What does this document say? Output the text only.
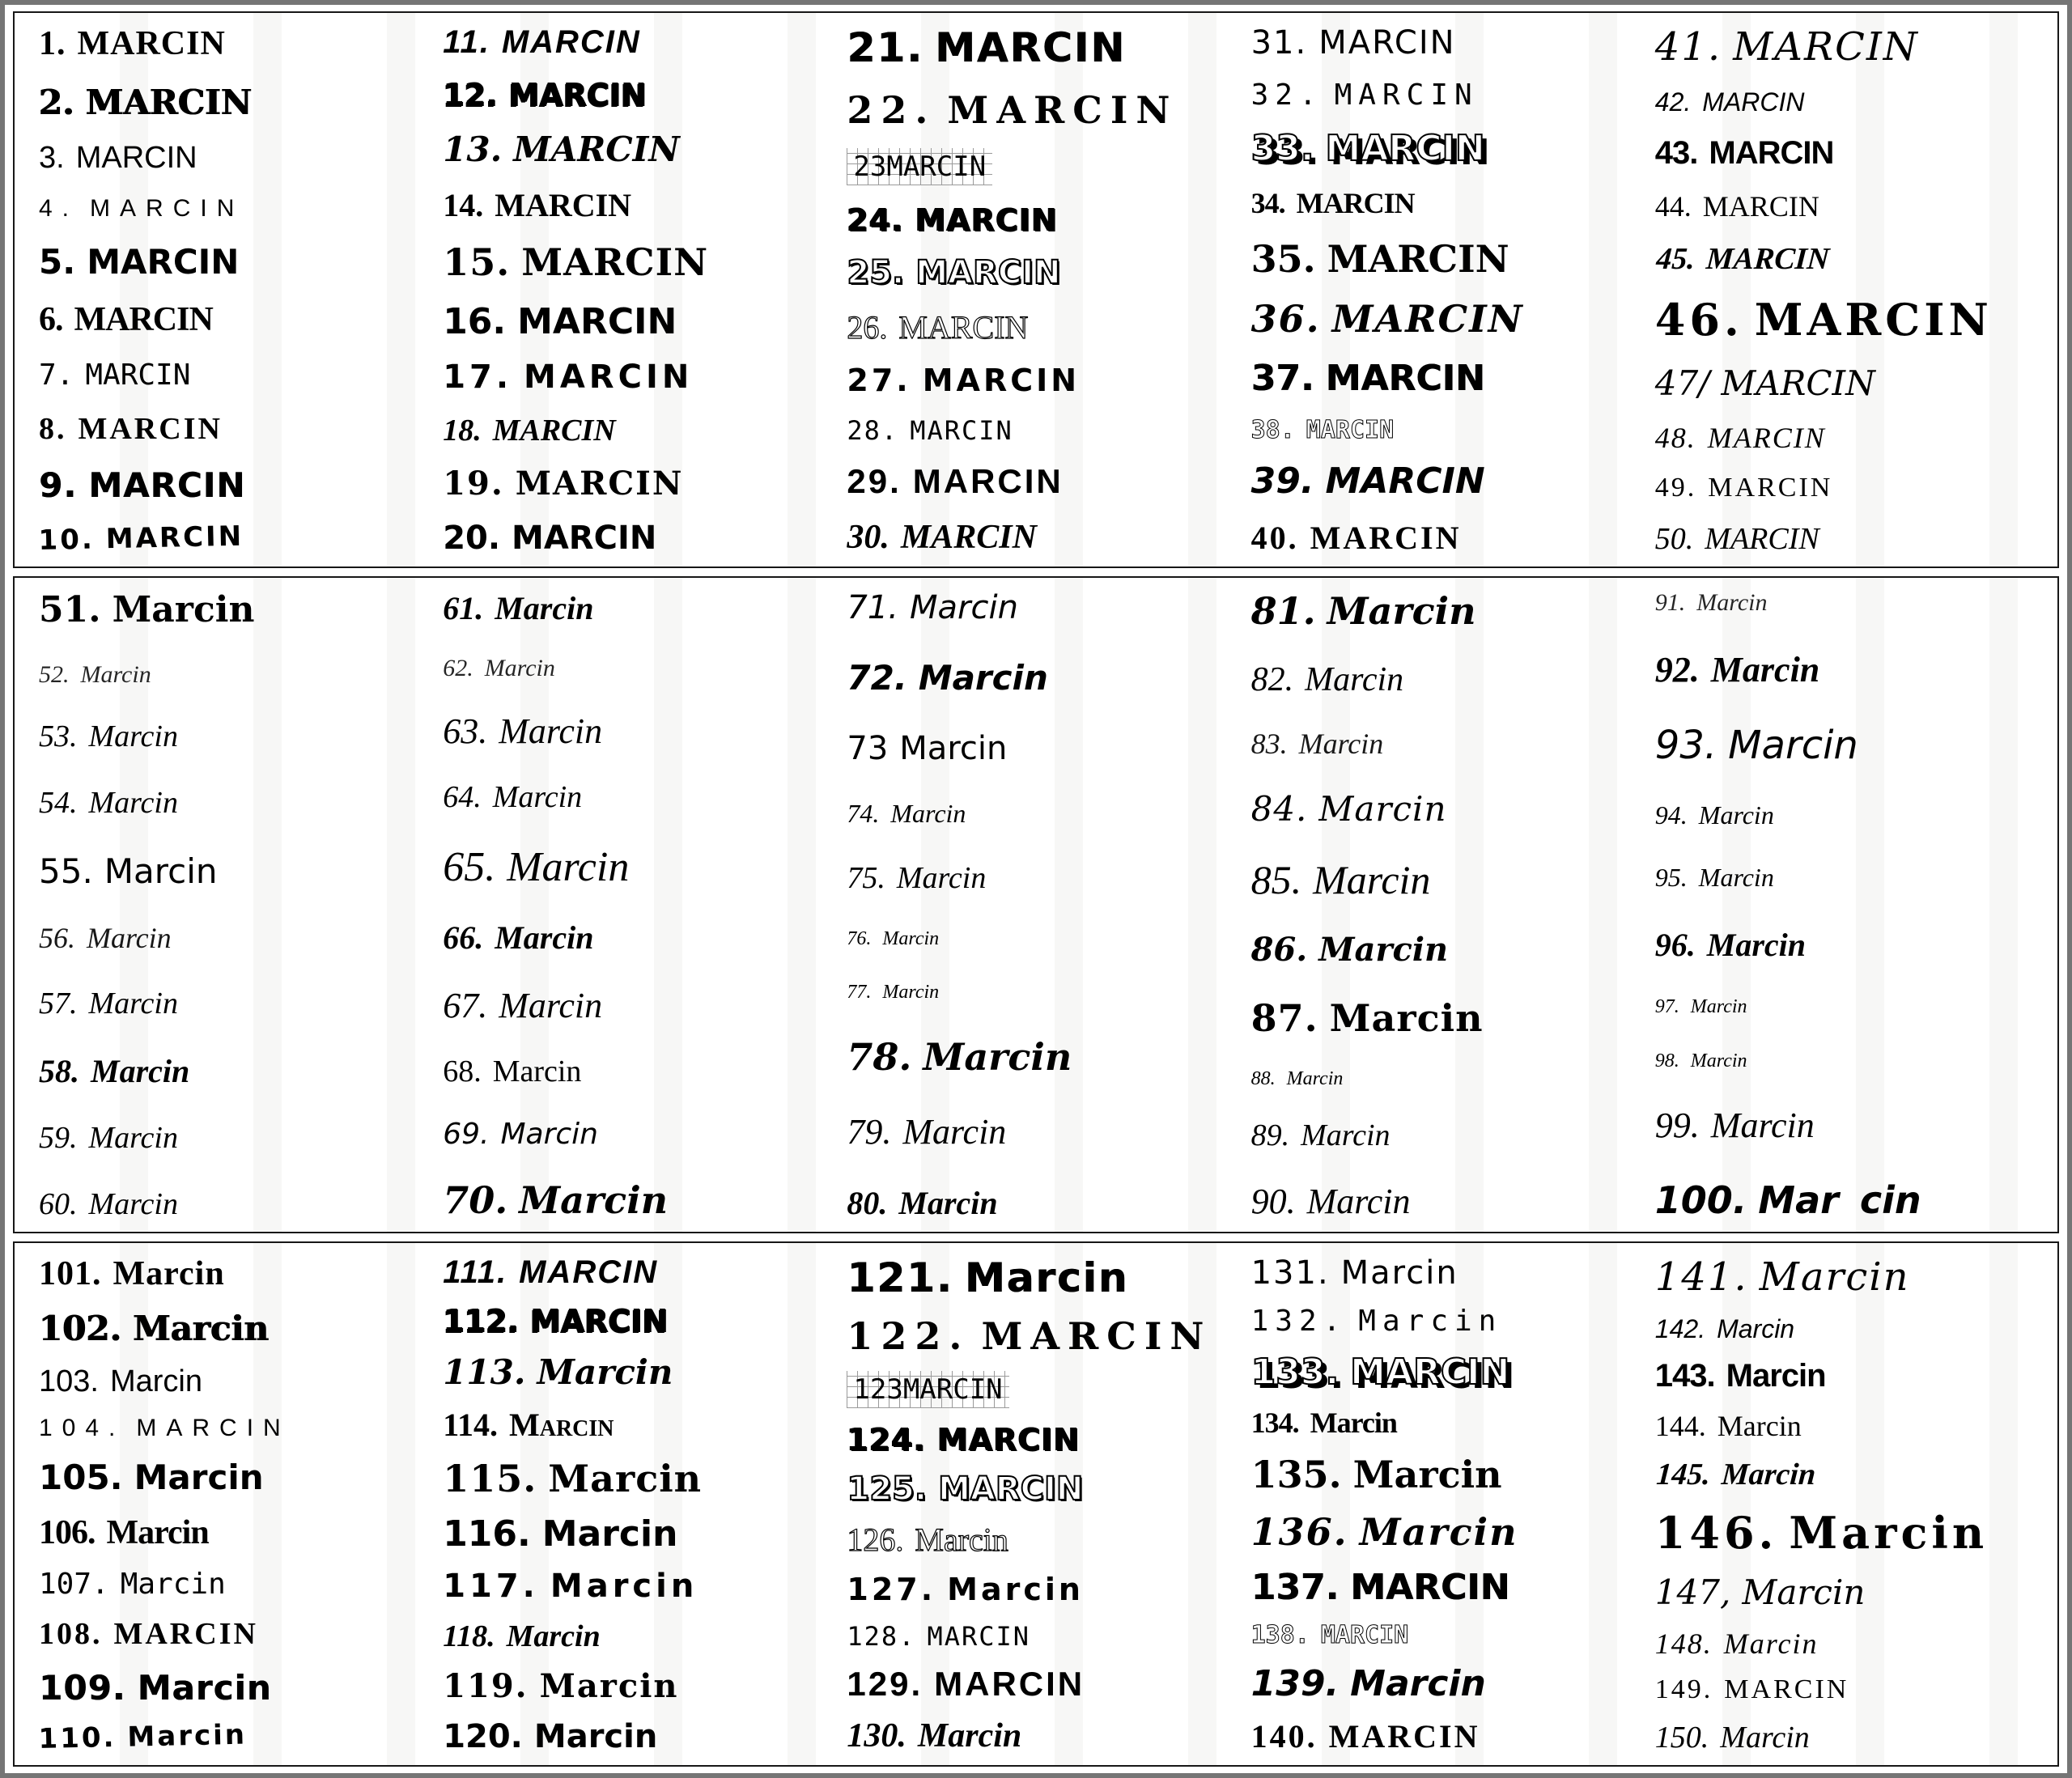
1. MARCIN
2. MARCIN
3. MARCIN
4. MARCIN
5. MARCIN
6. MARCIN
7. MARCIN
8. MARCIN
9. MARCIN
10. MARCIN
11. MARCIN
12. MARCIN
13. MARCIN
14. MARCIN
15. MARCIN
16. MARCIN
17. MARCIN
18. MARCIN
19. MARCIN
20. MARCIN
21. MARCIN
22. MARCIN
23 MARCIN
24. MARCIN
25. MARCIN
26. MARCIN
27. MARCIN
28. MARCIN
29. MARCIN
30. MARCIN
31. MARCIN
32. MARCIN
33. MARCIN
34. MARCIN
35. MARCIN
36. MARCIN
37. MARCIN
38. MARCIN
39. MARCIN
40. MARCIN
41. MARCIN
42. MARCIN
43. MARCIN
44. MARCIN
45. MARCIN
46. MARCIN
47/ MARCIN
48. MARCIN
49. MARCIN
50. MARCIN
51. Marcin
52. Marcin
53. Marcin
54. Marcin
55. Marcin
56. Marcin
57. Marcin
58. Marcin
59. Marcin
60. Marcin
61. Marcin
62. Marcin
63. Marcin
64. Marcin
65. Marcin
66. Marcin
67. Marcin
68. Marcin
69. Marcin
70. Marcin
71. Marcin
72. Marcin
73 Marcin
74. Marcin
75. Marcin
76. Marcin
77. Marcin
78. Marcin
79. Marcin
80. Marcin
81. Marcin
82. Marcin
83. Marcin
84. Marcin
85. Marcin
86. Marcin
87. Marcin
88. Marcin
89. Marcin
90. Marcin
91. Marcin
92. Marcin
93. Marcin
94. Marcin
95. Marcin
96. Marcin
97. Marcin
98. Marcin
99. Marcin
100. Mar cin
101. Marcin
102. Marcin
103. Marcin
104. MARCIN
105. Marcin
106. Marcin
107. Marcin
108. MARCIN
109. Marcin
110. Marcin
111. MARCIN
112. MARCIN
113. Marcin
114. Marcin
115. Marcin
116. Marcin
117. Marcin
118. Marcin
119. Marcin
120. Marcin
121. Marcin
122. MARCIN
123 MARCIN
124. MARCIN
125. MARCIN
126. Marcin
127. Marcin
128. MARCIN
129. MARCIN
130. Marcin
131. Marcin
132. Marcin
133. MARCIN
134. Marcin
135. Marcin
136. Marcin
137. MARCIN
138. MARCIN
139. Marcin
140. MARCIN
141. Marcin
142. Marcin
143. Marcin
144. Marcin
145. Marcin
146. Marcin
147, Marcin
148. Marcin
149. MARCIN
150. Marcin
